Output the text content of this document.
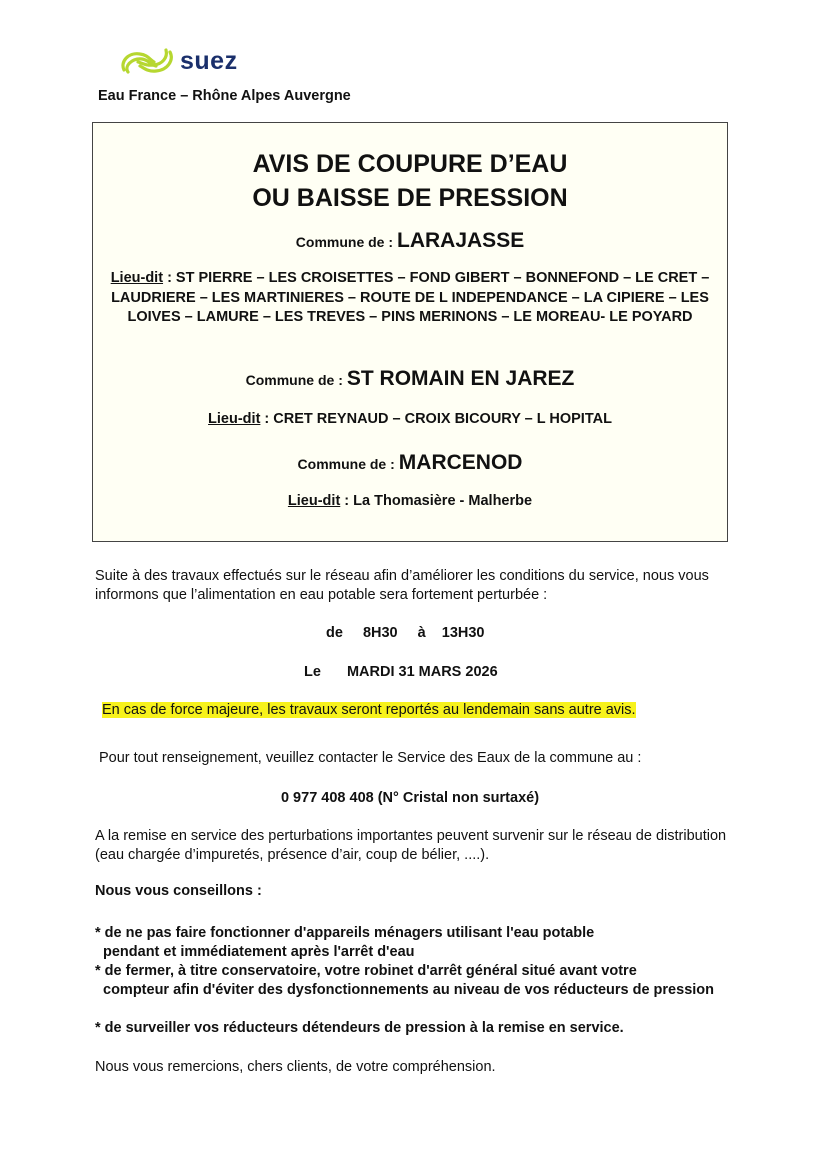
suez
Eau France – Rhône Alpes Auvergne
AVIS DE COUPURE D’EAU
OU BAISSE DE PRESSION
Commune de : LARAJASSE
Lieu-dit : ST PIERRE – LES CROISETTES – FOND GIBERT – BONNEFOND – LE CRET – LAUDRIERE – LES MARTINIERES – ROUTE DE L INDEPENDANCE – LA CIPIERE – LES LOIVES – LAMURE – LES TREVES – PINS MERINONS – LE MOREAU- LE POYARD
Commune de : ST ROMAIN EN JAREZ
Lieu-dit : CRET REYNAUD – CROIX BICOURY – L HOPITAL
Commune de : MARCENOD
Lieu-dit : La Thomasière - Malherbe
Suite à des travaux effectués sur le réseau afin d’améliorer les conditions du service, nous vous informons que l’alimentation en eau potable sera fortement perturbée :
de 8H30 à 13H30
Le MARDI 31 MARS 2026
En cas de force majeure, les travaux seront reportés au lendemain sans autre avis.
Pour tout renseignement, veuillez contacter le Service des Eaux de la commune au :
0 977 408 408 (N° Cristal non surtaxé)
A la remise en service des perturbations importantes peuvent survenir sur le réseau de distribution (eau chargée d’impuretés, présence d’air, coup de bélier, ....).
Nous vous conseillons :
* de ne pas faire fonctionner d'appareils ménagers utilisant l'eau potable
pendant et immédiatement après l'arrêt d'eau
* de fermer, à titre conservatoire, votre robinet d'arrêt général situé avant votre
compteur afin d'éviter des dysfonctionnements au niveau de vos réducteurs de pression
* de surveiller vos réducteurs détendeurs de pression à la remise en service.
Nous vous remercions, chers clients, de votre compréhension.
